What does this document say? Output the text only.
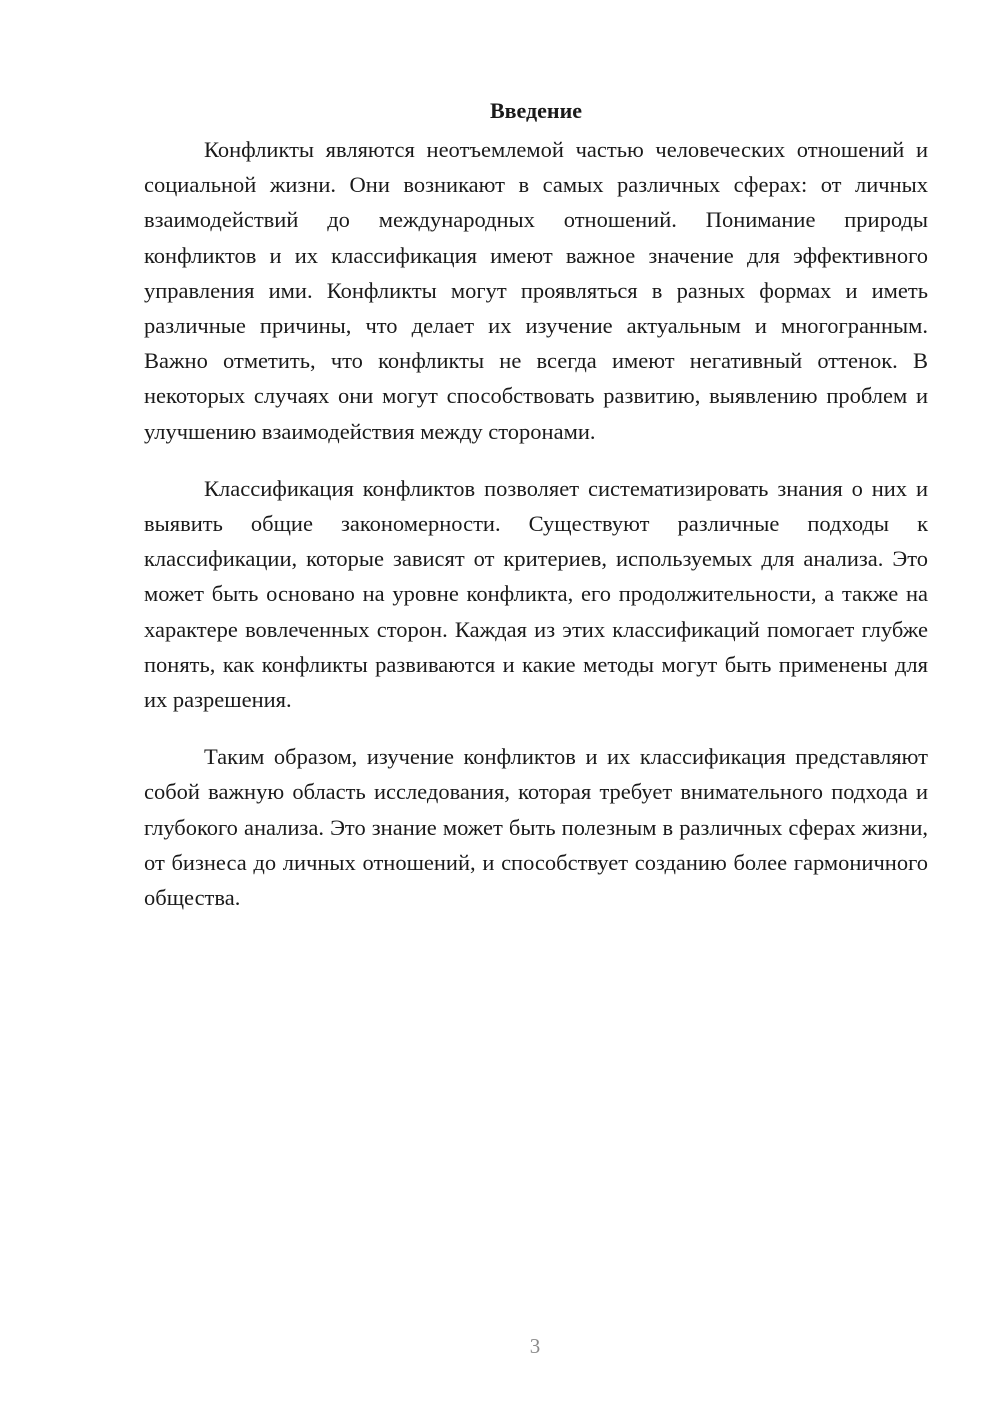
Введение

Конфликты являются неотъемлемой частью человеческих отношений и социальной жизни. Они возникают в самых различных сферах: от личных взаимодействий до международных отношений. Понимание природы конфликтов и их классификация имеют важное значение для эффективного управления ими. Конфликты могут проявляться в разных формах и иметь различные причины, что делает их изучение актуальным и многогранным. Важно отметить, что конфликты не всегда имеют негативный оттенок. В некоторых случаях они могут способствовать развитию, выявлению проблем и улучшению взаимодействия между сторонами.

Классификация конфликтов позволяет систематизировать знания о них и выявить общие закономерности. Существуют различные подходы к классификации, которые зависят от критериев, используемых для анализа. Это может быть основано на уровне конфликта, его продолжительности, а также на характере вовлеченных сторон. Каждая из этих классификаций помогает глубже понять, как конфликты развиваются и какие методы могут быть применены для их разрешения.

Таким образом, изучение конфликтов и их классификация представляют собой важную область исследования, которая требует внимательного подхода и глубокого анализа. Это знание может быть полезным в различных сферах жизни, от бизнеса до личных отношений, и способствует созданию более гармоничного общества.

3
